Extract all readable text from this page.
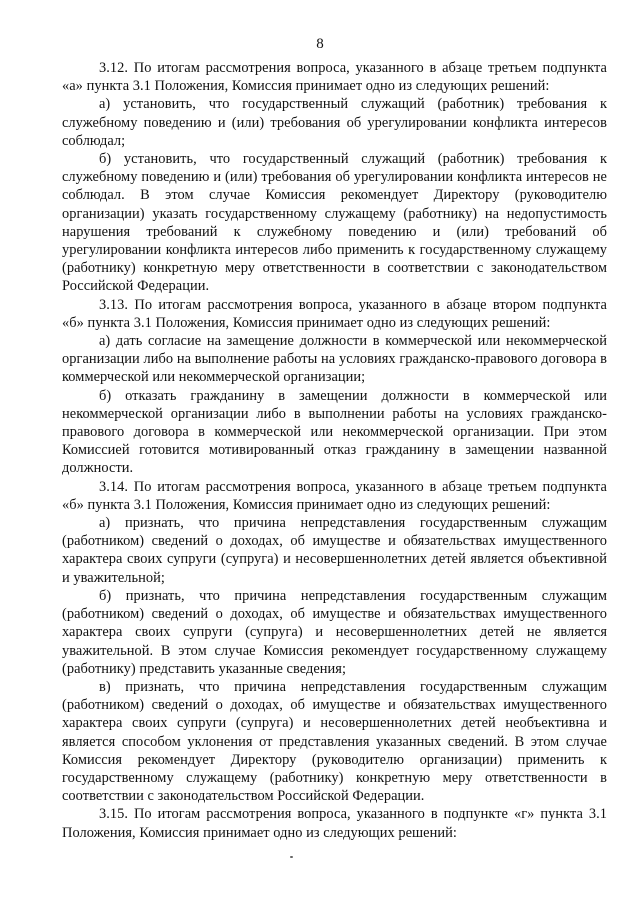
8

3.12. По итогам рассмотрения вопроса, указанного в абзаце третьем подпункта «а» пункта 3.1 Положения, Комиссия принимает одно из следующих решений:

а) установить, что государственный служащий (работник) требования к служебному поведению и (или) требования об урегулировании конфликта интересов соблюдал;

б) установить, что государственный служащий (работник) требования к служебному поведению и (или) требования об урегулировании конфликта интересов не соблюдал. В этом случае Комиссия рекомендует Директору (руководителю организации) указать государственному служащему (работнику) на недопустимость нарушения требований к служебному поведению и (или) требований об урегулировании конфликта интересов либо применить к государственному служащему (работнику) конкретную меру ответственности в соответствии с законодательством Российской Федерации.

3.13. По итогам рассмотрения вопроса, указанного в абзаце втором подпункта «б» пункта 3.1 Положения, Комиссия принимает одно из следующих решений:

а) дать согласие на замещение должности в коммерческой или некоммерческой организации либо на выполнение работы на условиях гражданско-правового договора в коммерческой или некоммерческой организации;

б) отказать гражданину в замещении должности в коммерческой или некоммерческой организации либо в выполнении работы на условиях гражданско-правового договора в коммерческой или некоммерческой организации. При этом Комиссией готовится мотивированный отказ гражданину в замещении названной должности.

3.14. По итогам рассмотрения вопроса, указанного в абзаце третьем подпункта «б» пункта 3.1 Положения, Комиссия принимает одно из следующих решений:

а) признать, что причина непредставления государственным служащим (работником) сведений о доходах, об имуществе и обязательствах имущественного характера своих супруги (супруга) и несовершеннолетних детей является объективной и уважительной;

б) признать, что причина непредставления государственным служащим (работником) сведений о доходах, об имуществе и обязательствах имущественного характера своих супруги (супруга) и несовершеннолетних детей не является уважительной. В этом случае Комиссия рекомендует государственному служащему (работнику) представить указанные сведения;

в) признать, что причина непредставления государственным служащим (работником) сведений о доходах, об имуществе и обязательствах имущественного характера своих супруги (супруга) и несовершеннолетних детей необъективна и является способом уклонения от представления указанных сведений. В этом случае Комиссия рекомендует Директору (руководителю организации) применить к государственному служащему (работнику) конкретную меру ответственности в соответствии с законодательством Российской Федерации.

3.15. По итогам рассмотрения вопроса, указанного в подпункте «г» пункта 3.1 Положения, Комиссия принимает одно из следующих решений:
